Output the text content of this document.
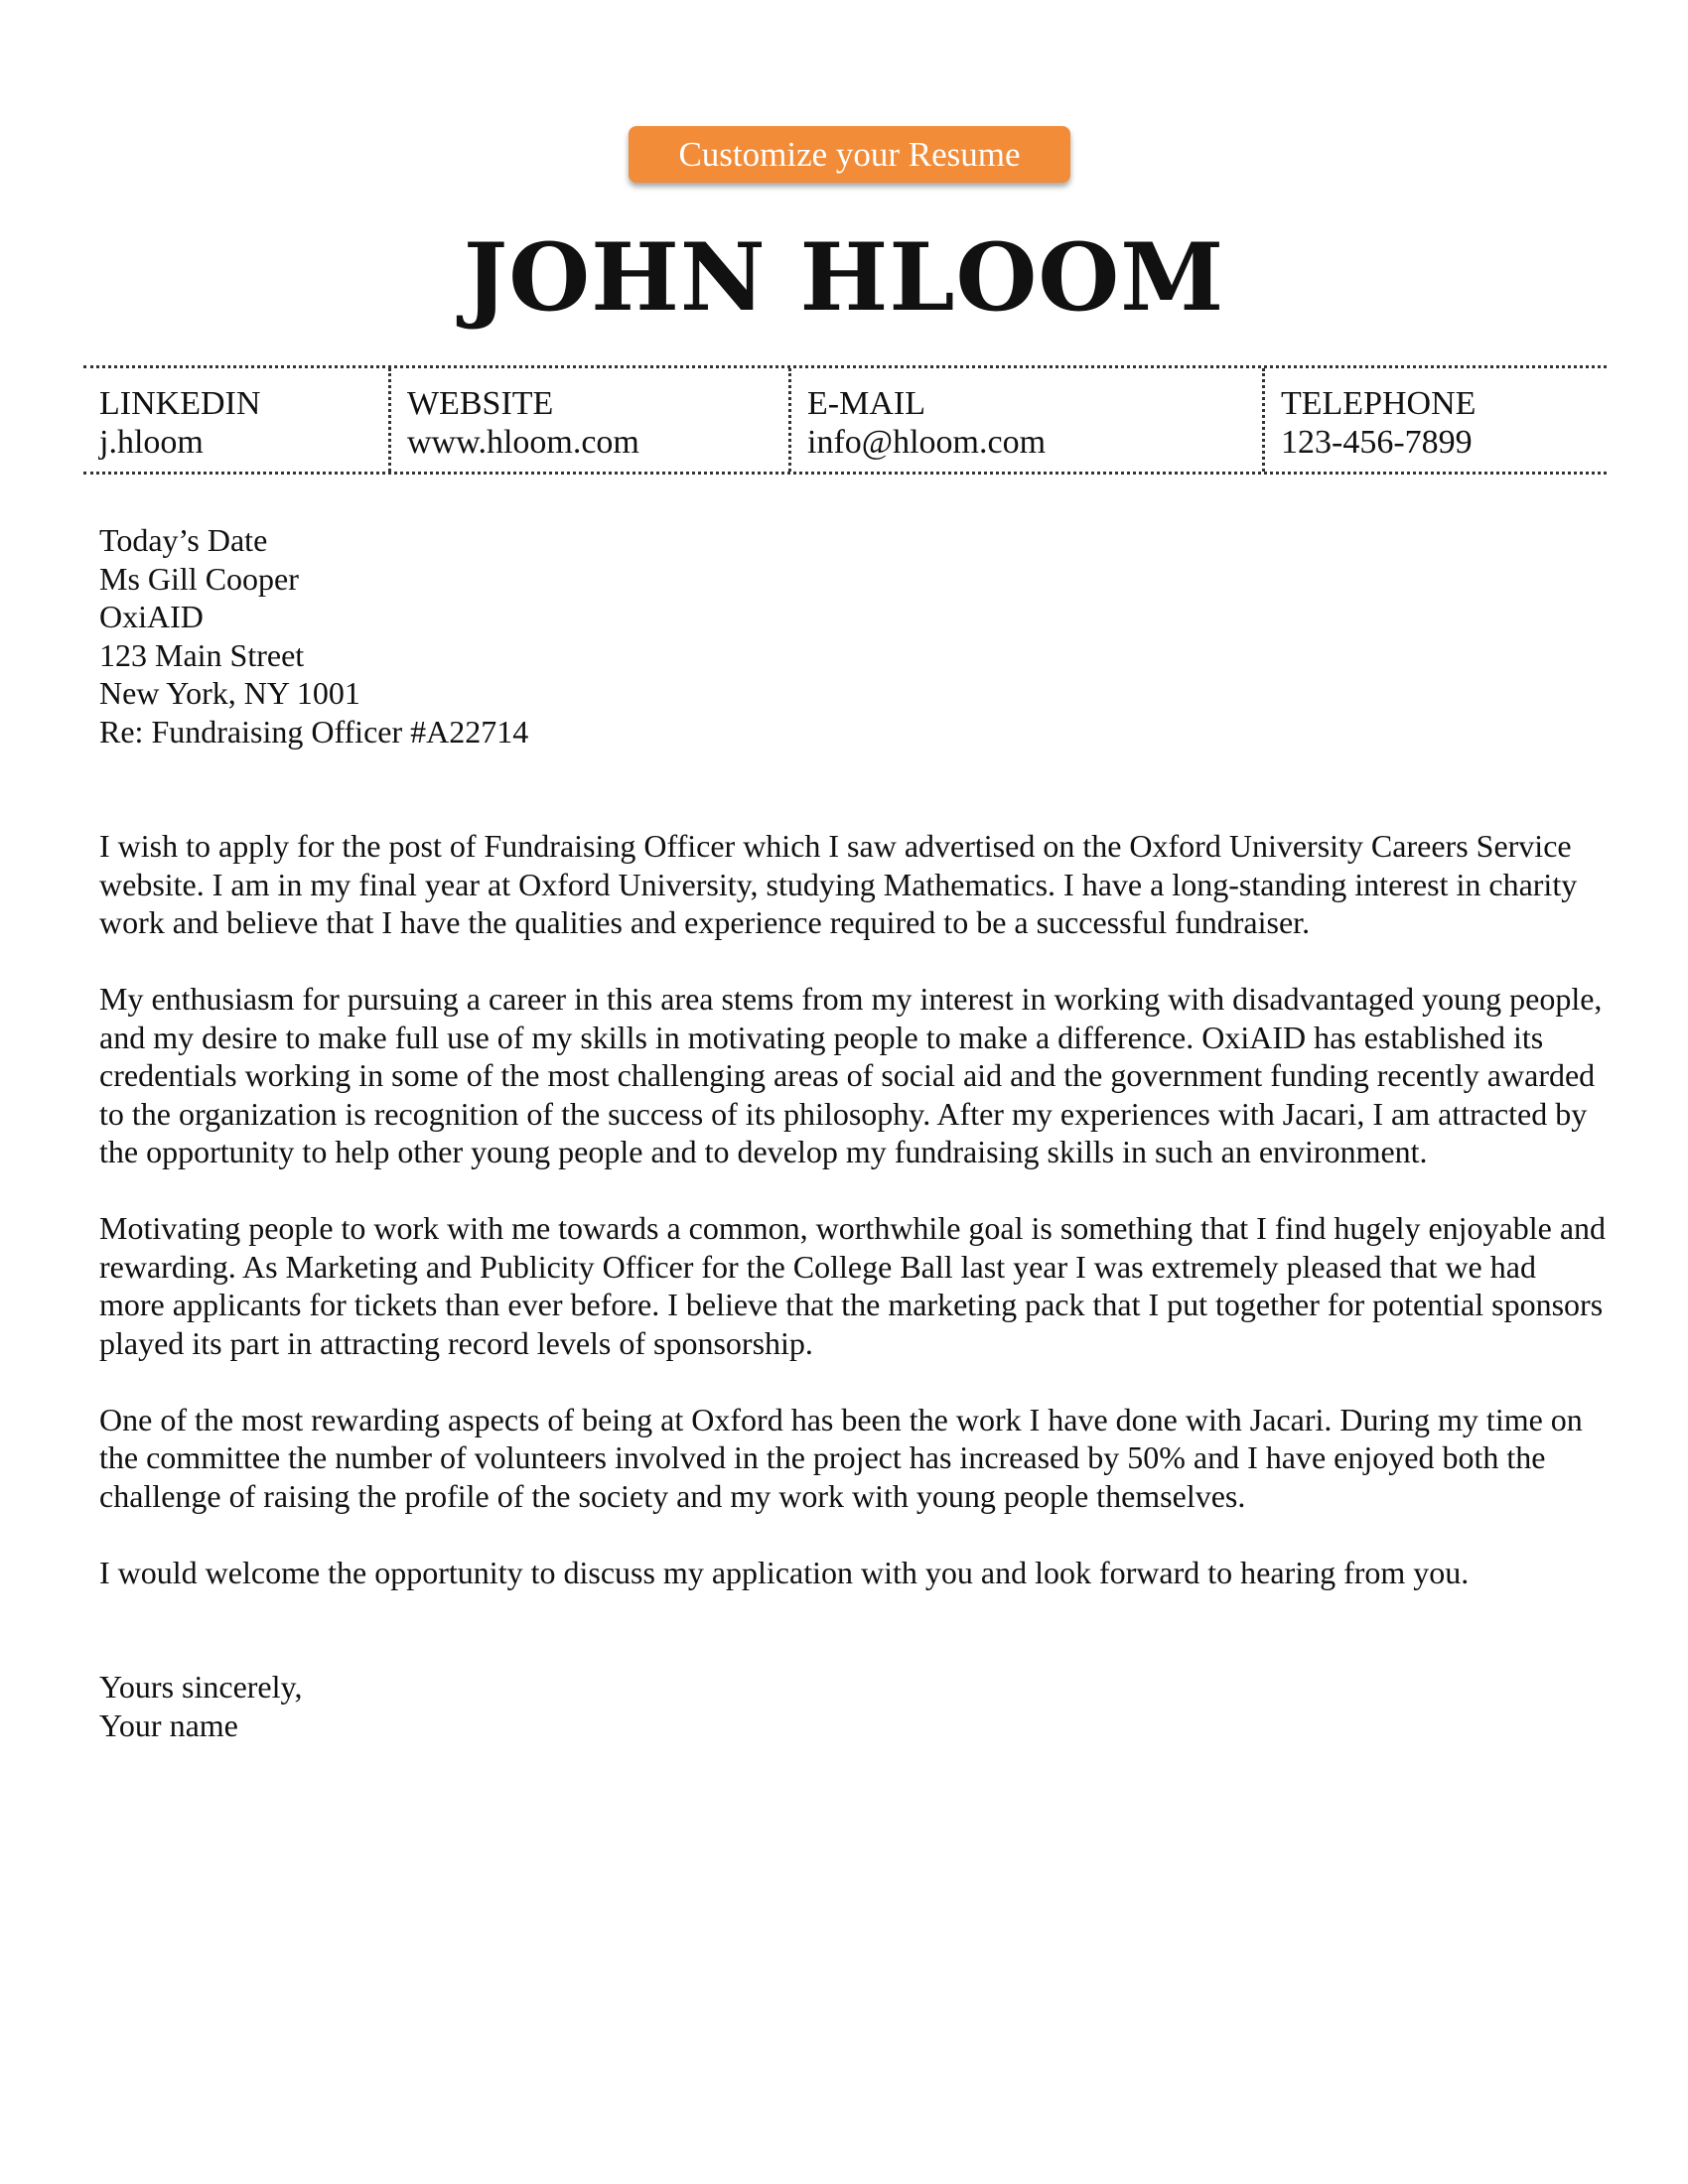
Customize your Resume
JOHN HLOOM
LINKEDIN
j.hloom
WEBSITE
www.hloom.com
E-MAIL
info@hloom.com
TELEPHONE
123-456-7899

Today’s Date
Ms Gill Cooper
OxiAID
123 Main Street
New York, NY 1001

Re: Fundraising Officer #A22714

I wish to apply for the post of Fundraising Officer which I saw advertised on the Oxford University Careers Service website. I am in my final year at Oxford University, studying Mathematics. I have a long-standing interest in charity work and believe that I have the qualities and experience required to be a successful fundraiser.

My enthusiasm for pursuing a career in this area stems from my interest in working with disadvantaged young people, and my desire to make full use of my skills in motivating people to make a difference. OxiAID has established its credentials working in some of the most challenging areas of social aid and the government funding recently awarded to the organization is recognition of the success of its philosophy. After my experiences with Jacari, I am attracted by the opportunity to help other young people and to develop my fundraising skills in such an environment.

Motivating people to work with me towards a common, worthwhile goal is something that I find hugely enjoyable and rewarding. As Marketing and Publicity Officer for the College Ball last year I was extremely pleased that we had more applicants for tickets than ever before. I believe that the marketing pack that I put together for potential sponsors played its part in attracting record levels of sponsorship.

One of the most rewarding aspects of being at Oxford has been the work I have done with Jacari. During my time on the committee the number of volunteers involved in the project has increased by 50% and I have enjoyed both the challenge of raising the profile of the society and my work with young people themselves.

I would welcome the opportunity to discuss my application with you and look forward to hearing from you.

Yours sincerely,
Your name
